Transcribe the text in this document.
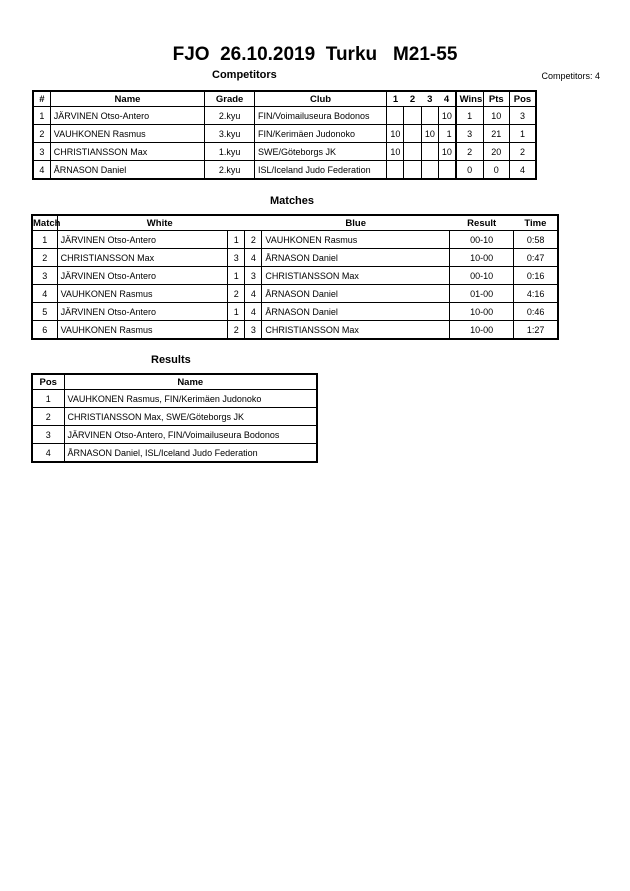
FJO  26.10.2019  Turku   M21-55
Competitors	Competitors: 4
#	Name	Grade	Club	1	2	3	4	Wins	Pts	Pos
1	JÄRVINEN Otso-Antero	2.kyu	FIN/Voimailuseura Bodonos				10	1	10	3
2	VAUHKONEN Rasmus	3.kyu	FIN/Kerimäen Judonoko	10		10	1	3	21	1
3	CHRISTIANSSON Max	1.kyu	SWE/Göteborgs JK	10			10	2	20	2
4	ÅRNASON Daniel	2.kyu	ISL/Iceland Judo Federation					0	0	4
Matches
Match	White			Blue	Result	Time
1	JÄRVINEN Otso-Antero	1	2	VAUHKONEN Rasmus	00-10	0:58
2	CHRISTIANSSON Max	3	4	ÅRNASON Daniel	10-00	0:47
3	JÄRVINEN Otso-Antero	1	3	CHRISTIANSSON Max	00-10	0:16
4	VAUHKONEN Rasmus	2	4	ÅRNASON Daniel	01-00	4:16
5	JÄRVINEN Otso-Antero	1	4	ÅRNASON Daniel	10-00	0:46
6	VAUHKONEN Rasmus	2	3	CHRISTIANSSON Max	10-00	1:27
Results
Pos	Name
1	VAUHKONEN Rasmus, FIN/Kerimäen Judonoko
2	CHRISTIANSSON Max, SWE/Göteborgs JK
3	JÄRVINEN Otso-Antero, FIN/Voimailuseura Bodonos
4	ÅRNASON Daniel, ISL/Iceland Judo Federation
